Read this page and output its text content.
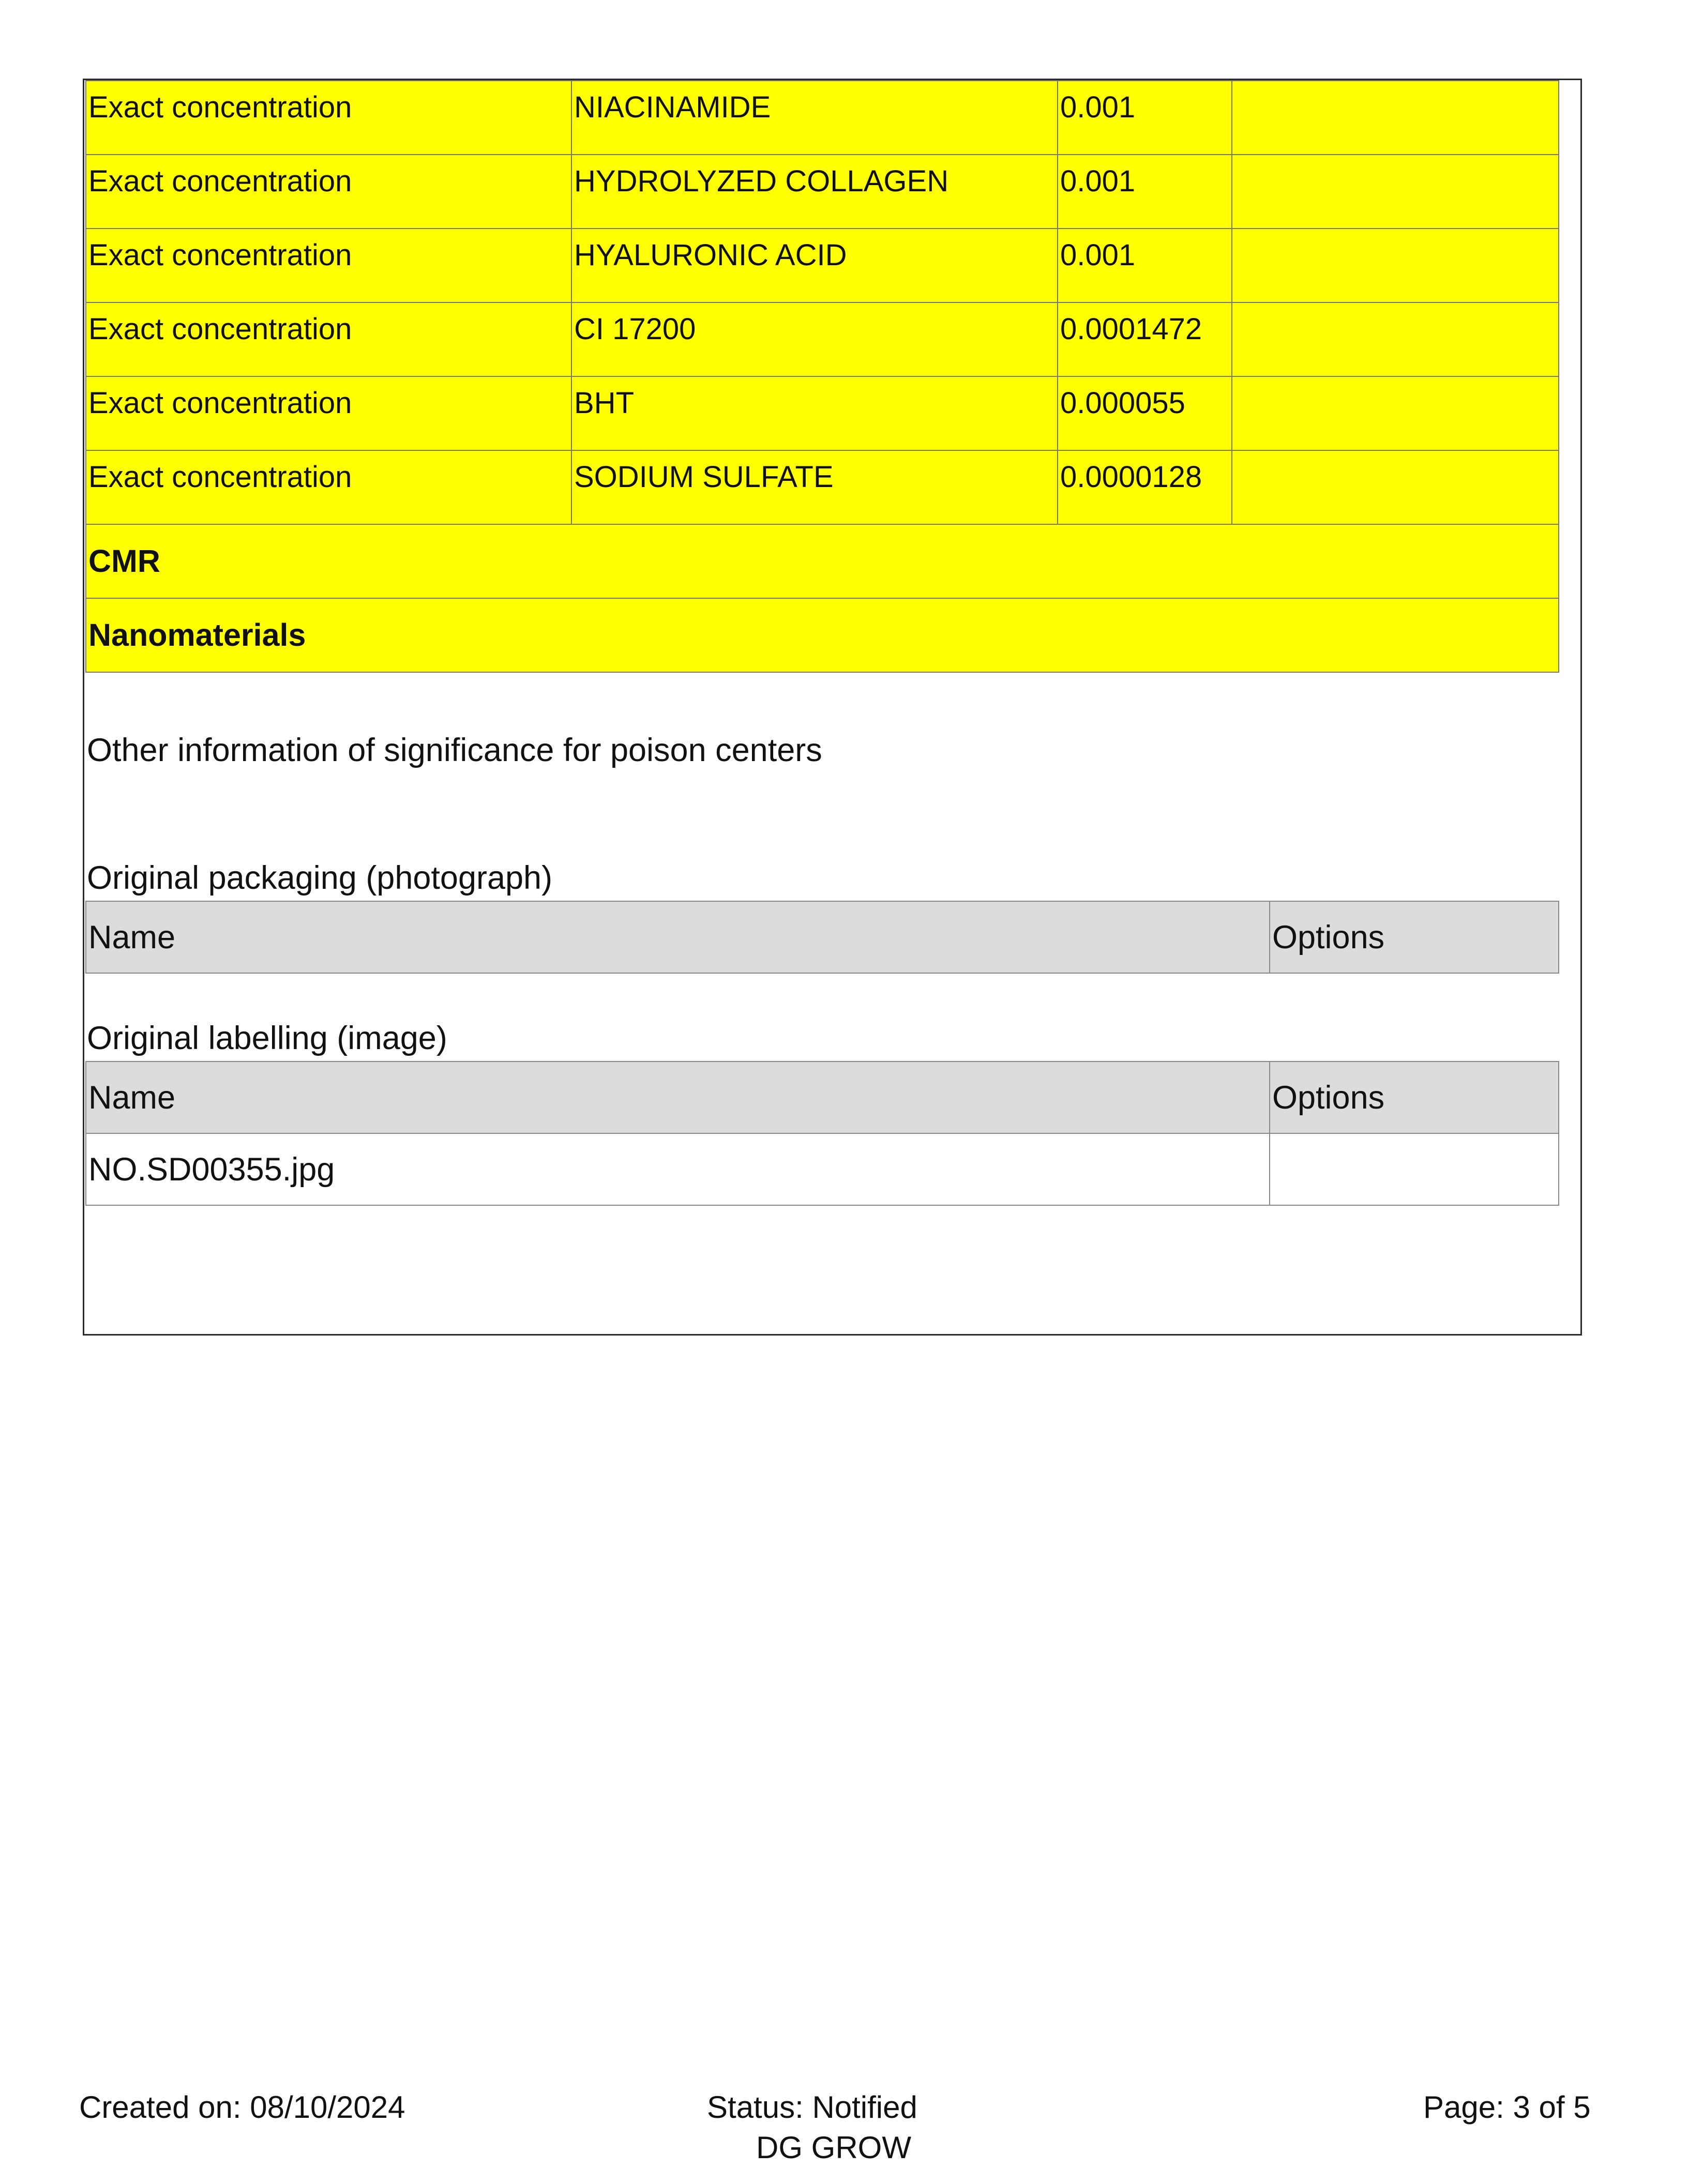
Exact concentration	NIACINAMIDE	0.001	

Exact concentration	HYDROLYZED COLLAGEN	0.001	

Exact concentration	HYALURONIC ACID	0.001	

Exact concentration	CI 17200	0.0001472	

Exact concentration	BHT	0.000055	

Exact concentration	SODIUM SULFATE	0.0000128	

CMR			

Nanomaterials			
Other information of significance for poison centers
Original packaging (photograph)
Name	Options
Original labelling (image)
Name	Options
NO.SD00355.jpg	
Created on: 08/10/2024	Status: Notified
DG GROW
Page: 3 of 5
